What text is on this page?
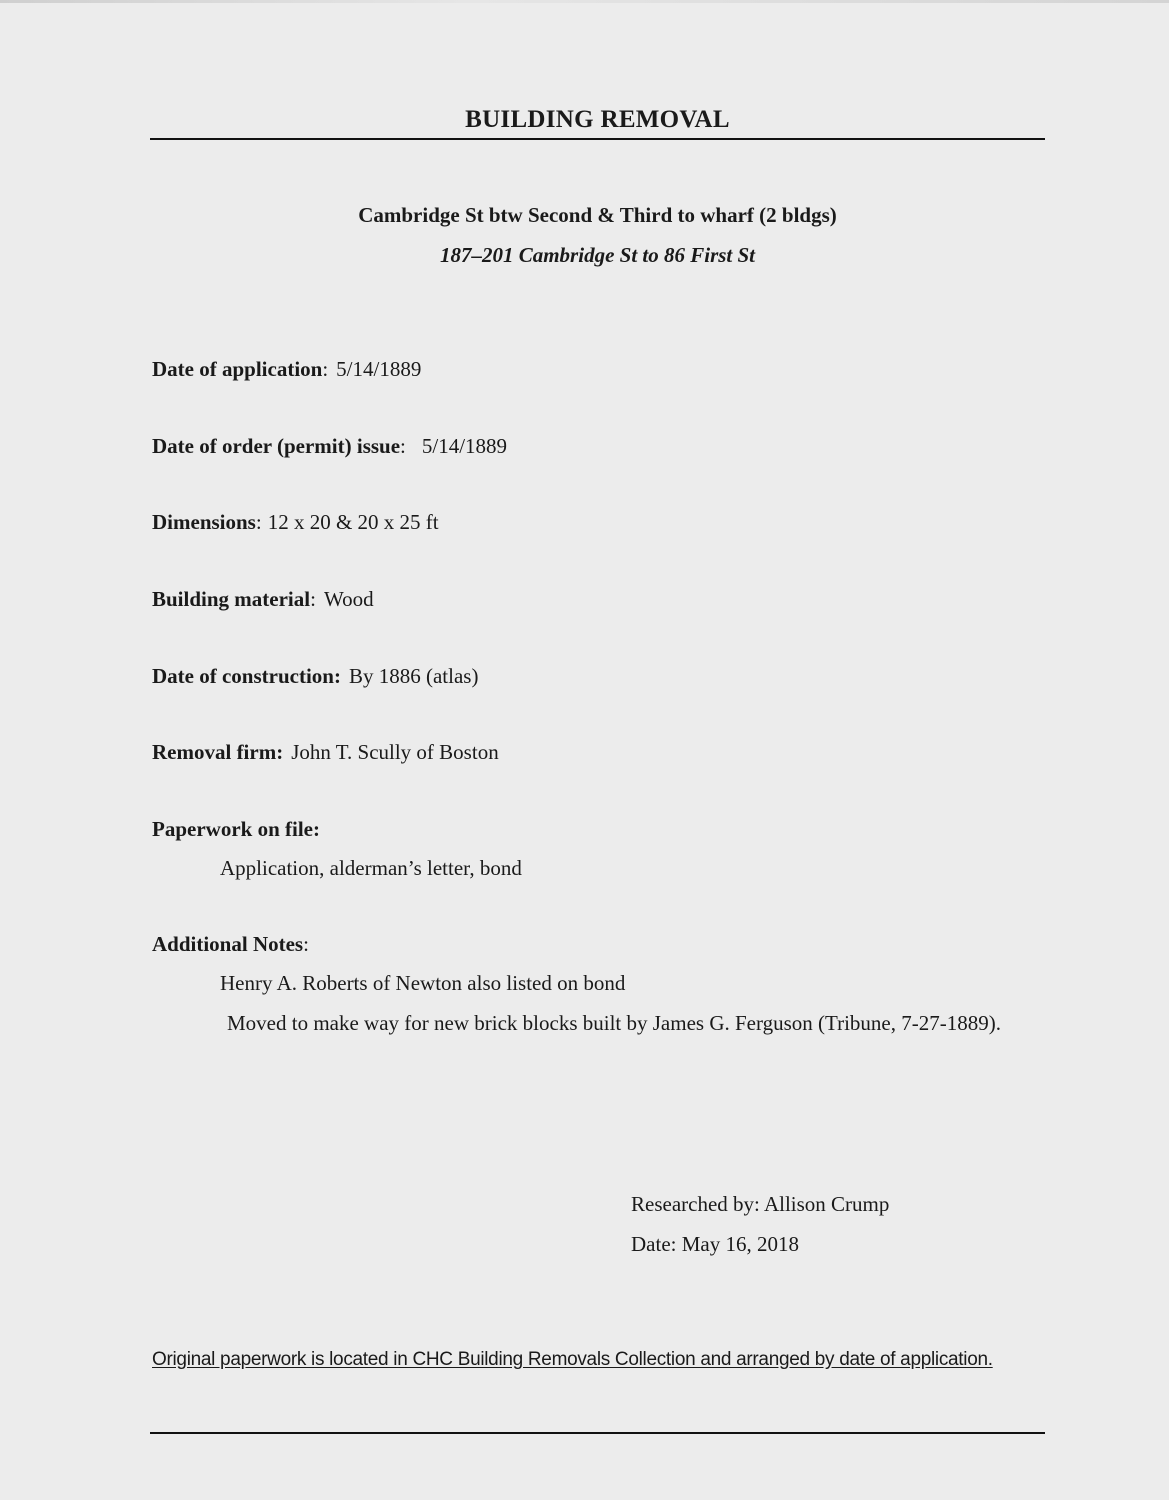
BUILDING REMOVAL
Cambridge St btw Second & Third to wharf (2 bldgs)
187–201 Cambridge St to 86 First St
Date of application: 5/14/1889
Date of order (permit) issue: 5/14/1889
Dimensions: 12 x 20 & 20 x 25 ft
Building material: Wood
Date of construction: By 1886 (atlas)
Removal firm: John T. Scully of Boston
Paperwork on file:
Application, alderman’s letter, bond
Additional Notes:
Henry A. Roberts of Newton also listed on bond
Moved to make way for new brick blocks built by James G. Ferguson (Tribune, 7-27-1889).
Researched by: Allison Crump
Date: May 16, 2018
Original paperwork is located in CHC Building Removals Collection and arranged by date of application.
